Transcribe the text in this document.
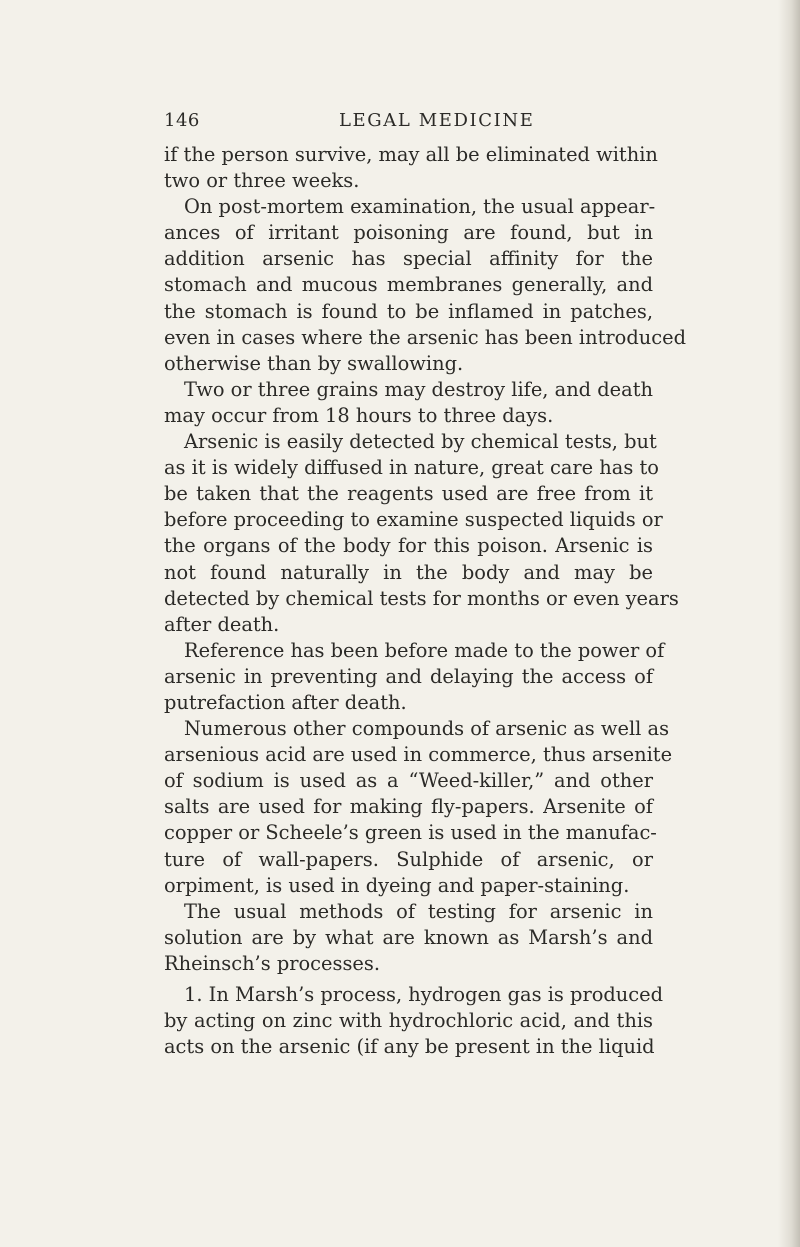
146	LEGAL MEDICINE
if the person survive, may all be eliminated within
two or three weeks.
On post-mortem examination, the usual appear-
ances of irritant poisoning are found, but in
addition arsenic has special affinity for the
stomach and mucous membranes generally, and
the stomach is found to be inflamed in patches,
even in cases where the arsenic has been introduced
otherwise than by swallowing.
Two or three grains may destroy life, and death
may occur from 18 hours to three days.
Arsenic is easily detected by chemical tests, but
as it is widely diffused in nature, great care has to
be taken that the reagents used are free from it
before proceeding to examine suspected liquids or
the organs of the body for this poison. Arsenic is
not found naturally in the body and may be
detected by chemical tests for months or even years
after death.
Reference has been before made to the power of
arsenic in preventing and delaying the access of
putrefaction after death.
Numerous other compounds of arsenic as well as
arsenious acid are used in commerce, thus arsenite
of sodium is used as a “Weed-killer,” and other
salts are used for making fly-papers. Arsenite of
copper or Scheele’s green is used in the manufac-
ture of wall-papers. Sulphide of arsenic, or
orpiment, is used in dyeing and paper-staining.
The usual methods of testing for arsenic in
solution are by what are known as Marsh’s and
Rheinsch’s processes.
1. In Marsh’s process, hydrogen gas is produced
by acting on zinc with hydrochloric acid, and this
acts on the arsenic (if any be present in the liquid
